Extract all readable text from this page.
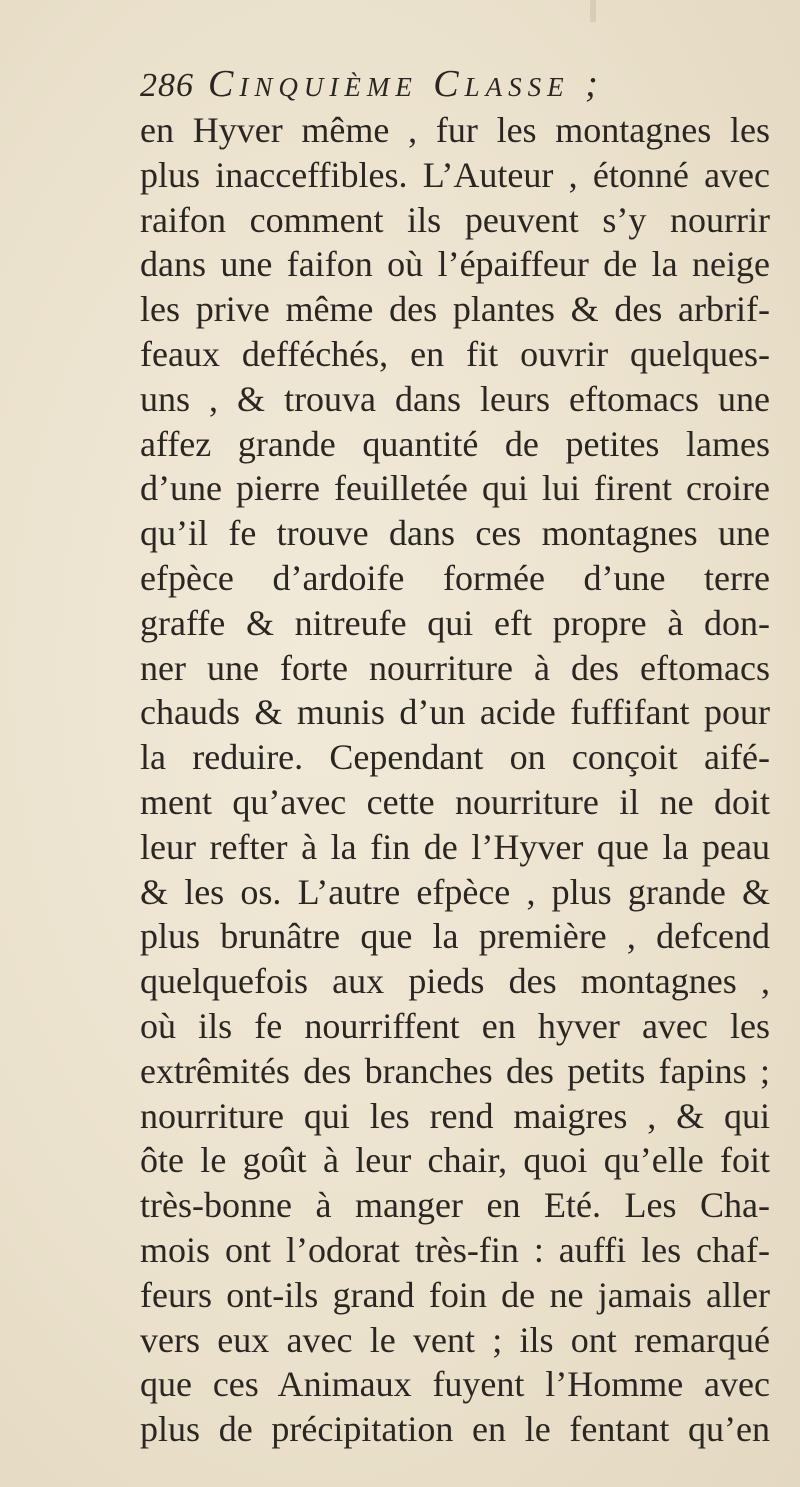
286 Cinquième Classe ;
en Hyver même , fur les montagnes les
plus inacceffibles. L’Auteur , étonné avec
raifon comment ils peuvent s’y nourrir
dans une faifon où l’épaiffeur de la neige
les prive même des plantes & des arbrif-
feaux defféchés, en fit ouvrir quelques-
uns , & trouva dans leurs eftomacs une
affez grande quantité de petites lames
d’une pierre feuilletée qui lui firent croire
qu’il fe trouve dans ces montagnes une
efpèce d’ardoife formée d’une terre
graffe & nitreufe qui eft propre à don-
ner une forte nourriture à des eftomacs
chauds & munis d’un acide fuffifant pour
la reduire. Cependant on conçoit aifé-
ment qu’avec cette nourriture il ne doit
leur refter à la fin de l’Hyver que la peau
& les os. L’autre efpèce , plus grande &
plus brunâtre que la première , defcend
quelquefois aux pieds des montagnes ,
où ils fe nourriffent en hyver avec les
extrêmités des branches des petits fapins ;
nourriture qui les rend maigres , & qui
ôte le goût à leur chair, quoi qu’elle foit
très-bonne à manger en Eté. Les Cha-
mois ont l’odorat très-fin : auffi les chaf-
feurs ont-ils grand foin de ne jamais aller
vers eux avec le vent ; ils ont remarqué
que ces Animaux fuyent l’Homme avec
plus de précipitation en le fentant qu’en
